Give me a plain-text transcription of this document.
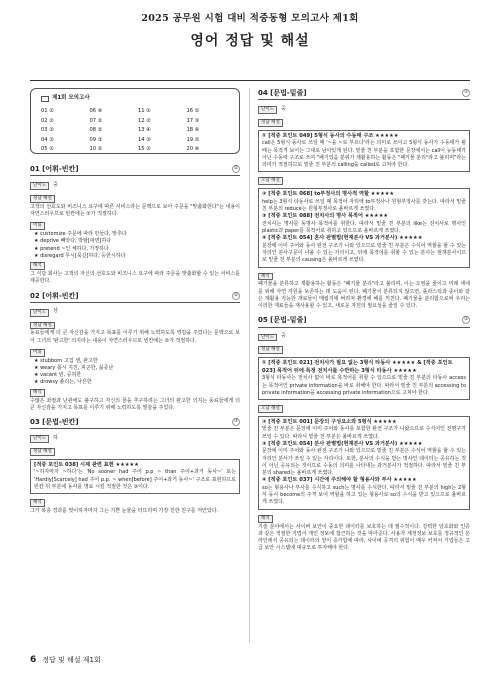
2025 공무원 시험 대비 적중동형 모의고사 제1회
영어 정답 및 해설
제1회 모의고사
01 ②	06 ④	11 ①	16 ①
02 ②	07 ②	12 ②	17 ③
03 ③	08 ②	13 ④	18 ④
04 ③	09 ③	14 ③	19 ②
05 ②	10 ②	15 ②	20 ④
01 [어휘-빈칸]	②
난이도	중
정답 해설

고객의 선호도와 비즈니스 요구에 따른 서비스라는 문맥으로 보아 주문을 "맞춤화한다"는 내용이 자연스러우므로 빈칸에는 ②가 적절하다.

어휘
★ customize 주문에 따라 만들다, 맞추다
★ deprive 빼앗다, 박탈[파면]하다
★ pretend ~인 체하다, 가장하다
★ disregard 무시[묵살]하다, 등한시하다
해석

그 식당 회사는 고객의 자신의 선호도와 비즈니스 요구에 따라 주문을 맞춤화할 수 있는 서비스를 제공한다.

02 [어휘-빈칸]	②
난이도	상
정답 해설

동료들에게 더 큰 자신감을 가지고 목표를 이루기 위해 노력하도록 영감을 주었다는 문맥으로 보아 그녀의 '완고한' 의지라는 내용이 자연스러우므로 빈칸에는 ②가 적절하다.

어휘
★ stubborn 고집 센, 완고한
★ weary 몹시 지친, 피곤한, 싫증난
★ vacant 빈, 공허한
★ drowsy 졸리는, 나른한
해석

수많은 좌절과 난관에도 불구하고 자신의 꿈을 추구하려는 그녀의 완고한 의지는 동료들에게 더 큰 자신감을 가지고 목표를 이루기 위해 노력하도록 영감을 주었다.

03 [문법-빈칸]	③
난이도	하
정답 해설
[적중 포인트 038] 시제 관련 표현 ★★★★★
'~하자마자 ~하다'는 'No sooner had 주어 p.p ~ than 주어+과거 동사~' 또는 'Hardly[Scarcely] had 주어 p.p. ~ when[before] 주어+과거 동사~' 구조로 표현하므로 빈칸 뒤 부분에 동사를 명료 시킬 적절한 것은 ③이다.
해석

그가 복층 경과를 맞이하자마자 그는 기쁜 눈물을 터뜨리며 가장 친한 친구를 껴안았다.

04 [문법-밑줄]	①
난이도	중
정답 해설
① [적중 포인트 049] 5형식 동사의 수동태 구조 ★★★★★
call은 5형식 동사로 쓰일 때 '~을 ~로 부르다'라는 의미로 쓰이고 5형식 동사가 수동태가 될 때는 목적격 보어는 그대로 남아있게 된다. 밑줄 친 부분을 포함한 문장에서는 call이 능동태가 아닌 수동태 구조로 쓰여 "패기있음 분위가 재활용하는 활동은 "패기물 분리"라고 불리며"라는 의미가 적절하므로 밑줄 친 부분의 calling을 called로 고쳐야 한다.
오답 해설
② [적중 포인트 068] to부정사의 명사적 역할 ★★★★★
help는 3형식 타동사로 쓰일 때 목적어 자리에 to부정사나 원형부정사를 갖는다. 따라서 밑줄 친 부분의 reduce는 원형부정사로 올바르게 쓰였다.
③ [적중 포인트 088] 전치사의 명사 목적어 ★★★★★
전치사는 명사를 동명사 목적어를 취한다. 따라서 밑줄 친 부분의 like는 전치사로 명사인 plastic과 paper를 목적어로 취하고 있으므로 올바르게 쓰였다.
④ [적중 포인트 054] 혼사 판별법(현재분사 VS 과거분사) ★★★★★
분장에 이미 주어와 동사 완전 구조가 나와 있으므로 밑줄 친 부분은 수식어 역할을 할 수 있는 자리인 분사구문이 나올 수 있는 자리이고, 뒤에 목적어를 취할 수 있는 분사는 현재분사이므로 밑줄 친 부분의 causing은 올바르게 쓰였다.
해석

폐기물을 분류하고 재활용하는 활동은 "폐기물 분리"라고 불리며, 이는 오염을 줄이고 미래 세대를 위해 자연 자원을 보존하는 데 도움이 된다. 폐기물이 분류되지 않으면, 플라스틱과 종이와 같은 재활용 가능한 재료들이 매립지에 버려져 환경에 해를 끼친다. 폐기물을 분리함으로써 우리는 이러한 재료들을 재사용할 수 있고, 새로운 자원의 필요성을 줄일 수 있다.

05 [문법-밑줄]	①
난이도	중
정답 해설
① [적중 포인트 021] 전치사가 필요 없는 3형식 타동사 ★★★★★ & [적중 포인트 023] 목적어 뒤에 특정 전치사를 수반하는 3형식 타동사 ★★★★★
3형식 타동사는 전치사 없이 바로 목적어를 취할 수 있으므로 밑줄 친 부분의 타동사 access는 목적어인 private information을 바로 취해야 한다. 따라서 밑줄 친 부분의 accessing to private information을 accessing private information으로 고쳐야 한다.
오답 해설
② [적중 포인트 001] 문장의 구성요소와 5형식 ★★★★★
밑줄 친 부분은 문장에 이미 주어와 동사를 포함한 완전 구조가 나왔으므로 수식어인 전명구가 쓰일 수 있다. 따라서 밑줄 친 부분은 올바르게 쓰였다.
③ [적중 포인트 054] 분사 판별법(현재분사 VS 과거분사) ★★★★★
문장에 이미 주어와 동사 완전 구조가 나와 있으므로 밑줄 친 부분은 수식어 역할을 할 수 있는 자리인 분사가 쓰일 수 있는 자리이다. 또한, 분사의 수식을 받는 명사인 데이터는 공유하는 것이 아닌 공유되는 것이므로 수동의 의미를 나타내는 과거분사가 적절하다. 따라서 밑줄 친 부분의 shared는 올바르게 쓰였다.
④ [적중 포인트 037] 시간에 주의해야 할 형용사와 부사 ★★★★★
so는 형용사나 부사를 수식하고 such는 명사를 수식한다. 따라서 밑줄 친 부분의 high는 2형식 동사 become의 주격 보어 역할을 하고 있는 형용사로 so의 수식을 받고 있으므로 올바르게 쓰였다.
해석

기술 분야에서는 사이버 보안이 중요한 데이터를 보호하는 데 필수적이다. 강력한 암호화와 인증과 같은 적절한 기법이 개인 정보에 접근하는 것을 막아준다. 사용자 계정정보 보호를 정규적인 온라인에서 공유되는 데이터의 양이 증가함에 따라, 사이버 공격의 위험이 매우 커져서 기업들은 고급 보안 시스템에 대규모로 투자해야 한다.

6 정답 및 해설 제1회
